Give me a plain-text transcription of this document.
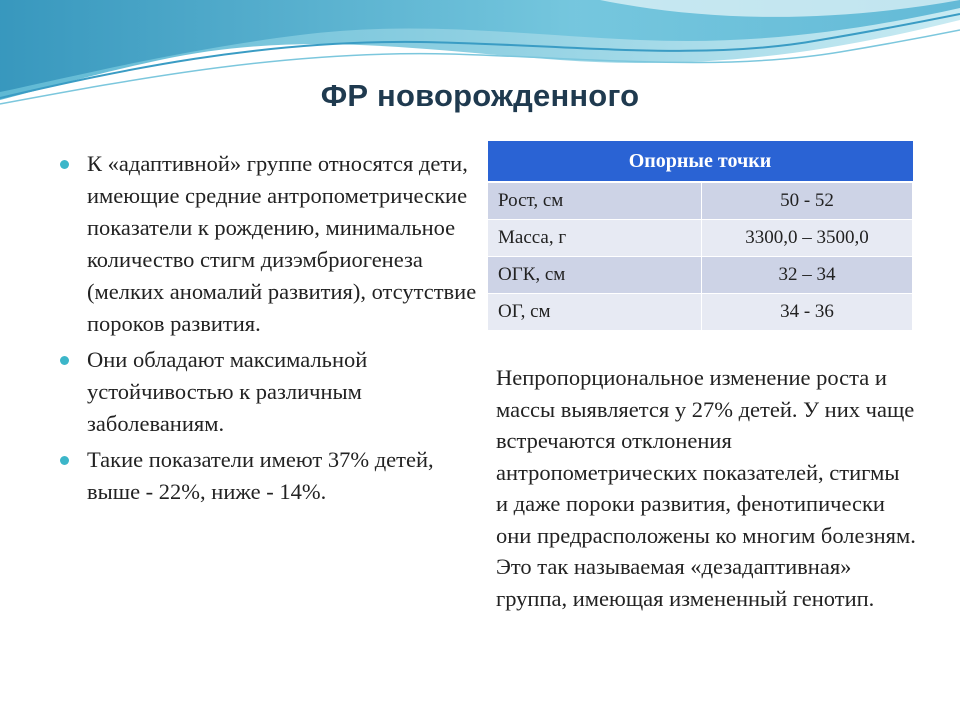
ФР новорожденного
К «адаптивной» группе относятся дети, имеющие средние антропометрические показатели к рождению, минимальное количество стигм дизэмбриогенеза (мелких аномалий развития), отсутствие пороков развития.
Они обладают максимальной устойчивостью к различным заболеваниям.
Такие показатели имеют 37% детей, выше - 22%, ниже - 14%.
Опорные точки	
Рост, см	50 - 52
Масса, г	3300,0 – 3500,0
ОГК, см	32 – 34
ОГ, см	34 - 36
Непропорциональное изменение роста и массы выявляется у 27% детей. У них чаще встречаются отклонения антропометрических показателей, стигмы и даже пороки развития, фенотипически они предрасположены ко многим болезням. Это так называемая «дезадаптивная» группа, имеющая измененный генотип.
